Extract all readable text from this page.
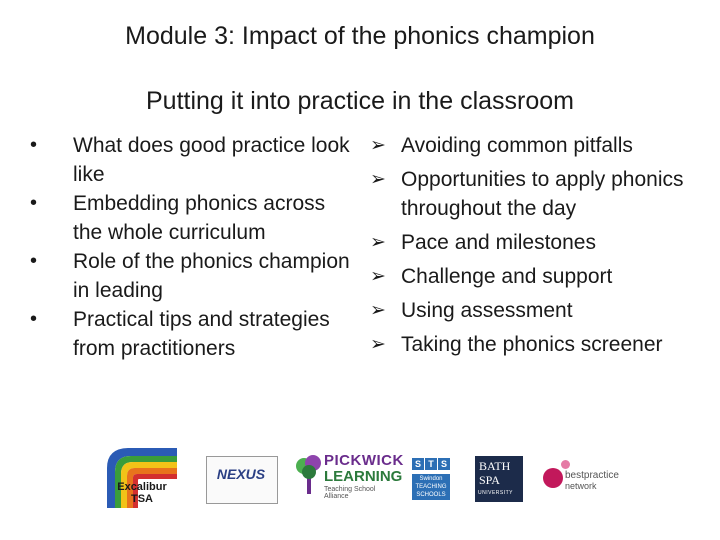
Module 3: Impact of the phonics champion
Putting it into practice in the classroom
• What does good practice look like
• Embedding phonics across the whole curriculum
• Role of the phonics champion in leading
• Practical tips and strategies from practitioners
➢ Avoiding common pitfalls
➢ Opportunities to apply phonics throughout the day
➢ Pace and milestones
➢ Challenge and support
➢ Using assessment
➢ Taking the phonics screener
Excalibur
TSA
NEXUS
PICKWICK
LEARNING
Teaching School Alliance
S T S
Swindon
TEACHING
SCHOOLS
BATH
SPA
UNIVERSITY
bestpractice
network
